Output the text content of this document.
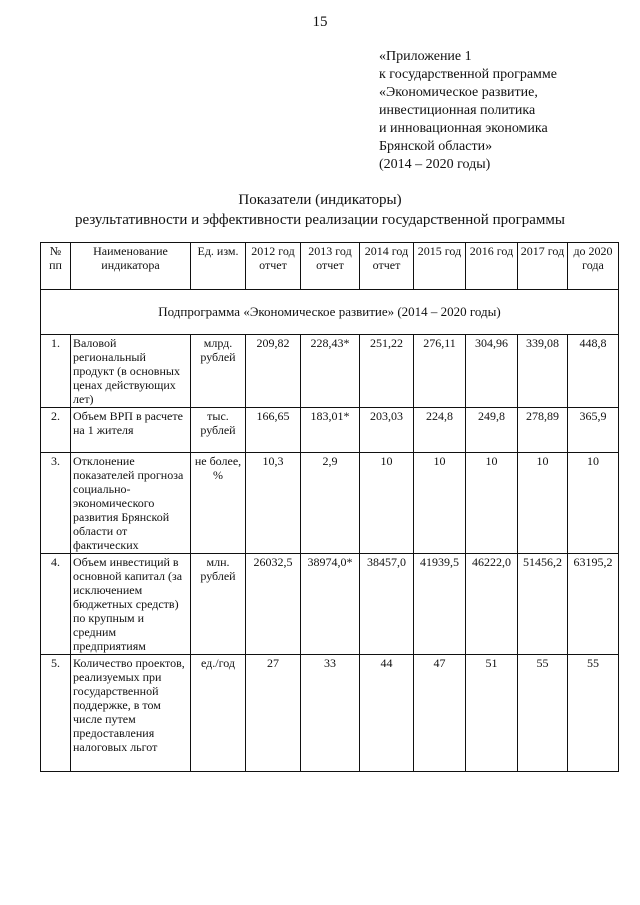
15
«Приложение 1
к государственной программе
«Экономическое развитие,
инвестиционная политика
и инновационная экономика
Брянской области»
(2014 – 2020 годы)
Показатели (индикаторы)
результативности и эффективности реализации государственной программы
№ пп	Наименование индикатора	Ед. изм.	2012 год отчет	2013 год отчет	2014 год отчет	2015 год	2016 год	2017 год	до 2020 года
Подпрограмма «Экономическое развитие» (2014 – 2020 годы)									
1.	Валовой региональный продукт (в основных ценах действующих лет)	млрд. рублей	209,82	228,43*	251,22	276,11	304,96	339,08	448,8
2.	Объем ВРП в расчете на 1 жителя	тыс. рублей	166,65	183,01*	203,03	224,8	249,8	278,89	365,9
3.	Отклонение показателей прогноза социально-экономического развития Брянской области от фактических	не более, %	10,3	2,9	10	10	10	10	10
4.	Объем инвестиций в основной капитал (за исключением бюджетных средств) по крупным и средним предприятиям	млн. рублей	26032,5	38974,0*	38457,0	41939,5	46222,0	51456,2	63195,2
5.	Количество проектов, реализуемых при государственной поддержке, в том числе путем предоставления налоговых льгот	ед./год	27	33	44	47	51	55	55
